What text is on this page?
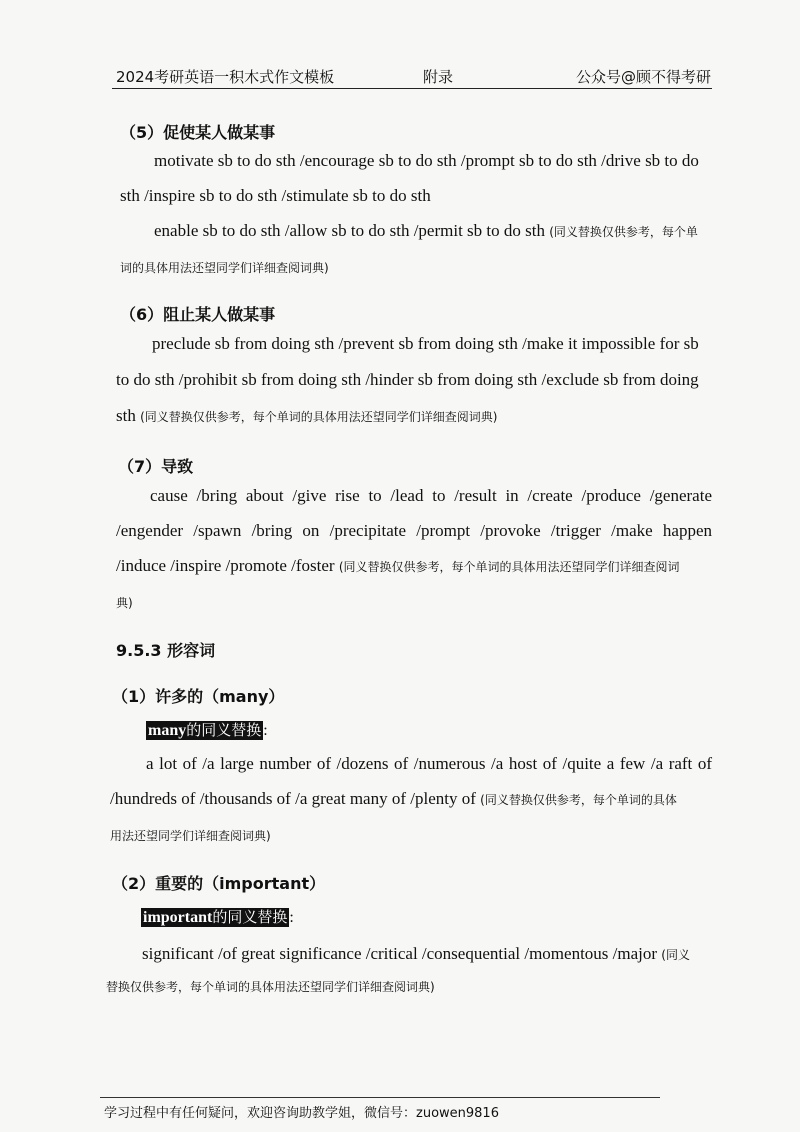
2024考研英语一积木式作文模板	附录	公众号@顾不得考研
（5）促使某人做某事
motivate sb to do sth /encourage sb to do sth /prompt sb to do sth /drive sb to do
sth /inspire sb to do sth /stimulate sb to do sth
enable sb to do sth /allow sb to do sth /permit sb to do sth (同义替换仅供参考，每个单
词的具体用法还望同学们详细查阅词典)
（6）阻止某人做某事
preclude sb from doing sth /prevent sb from doing sth /make it impossible for sb
to do sth /prohibit sb from doing sth /hinder sb from doing sth /exclude sb from doing
sth (同义替换仅供参考，每个单词的具体用法还望同学们详细查阅词典)
（7）导致
cause /bring about /give rise to /lead to /result in /create /produce /generate
/engender /spawn /bring on /precipitate /prompt /provoke /trigger /make happen
/induce /inspire /promote /foster (同义替换仅供参考，每个单词的具体用法还望同学们详细查阅词
典)
9.5.3 形容词
（1）许多的（many）
many的同义替换 :
a lot of /a large number of /dozens of /numerous /a host of /quite a few /a raft of
/hundreds of /thousands of /a great many of /plenty of (同义替换仅供参考，每个单词的具体
用法还望同学们详细查阅词典)
（2）重要的（important）
important的同义替换 :
significant /of great significance /critical /consequential /momentous /major (同义
替换仅供参考，每个单词的具体用法还望同学们详细查阅词典)
学习过程中有任何疑问，欢迎咨询助教学姐，微信号：zuowen9816
